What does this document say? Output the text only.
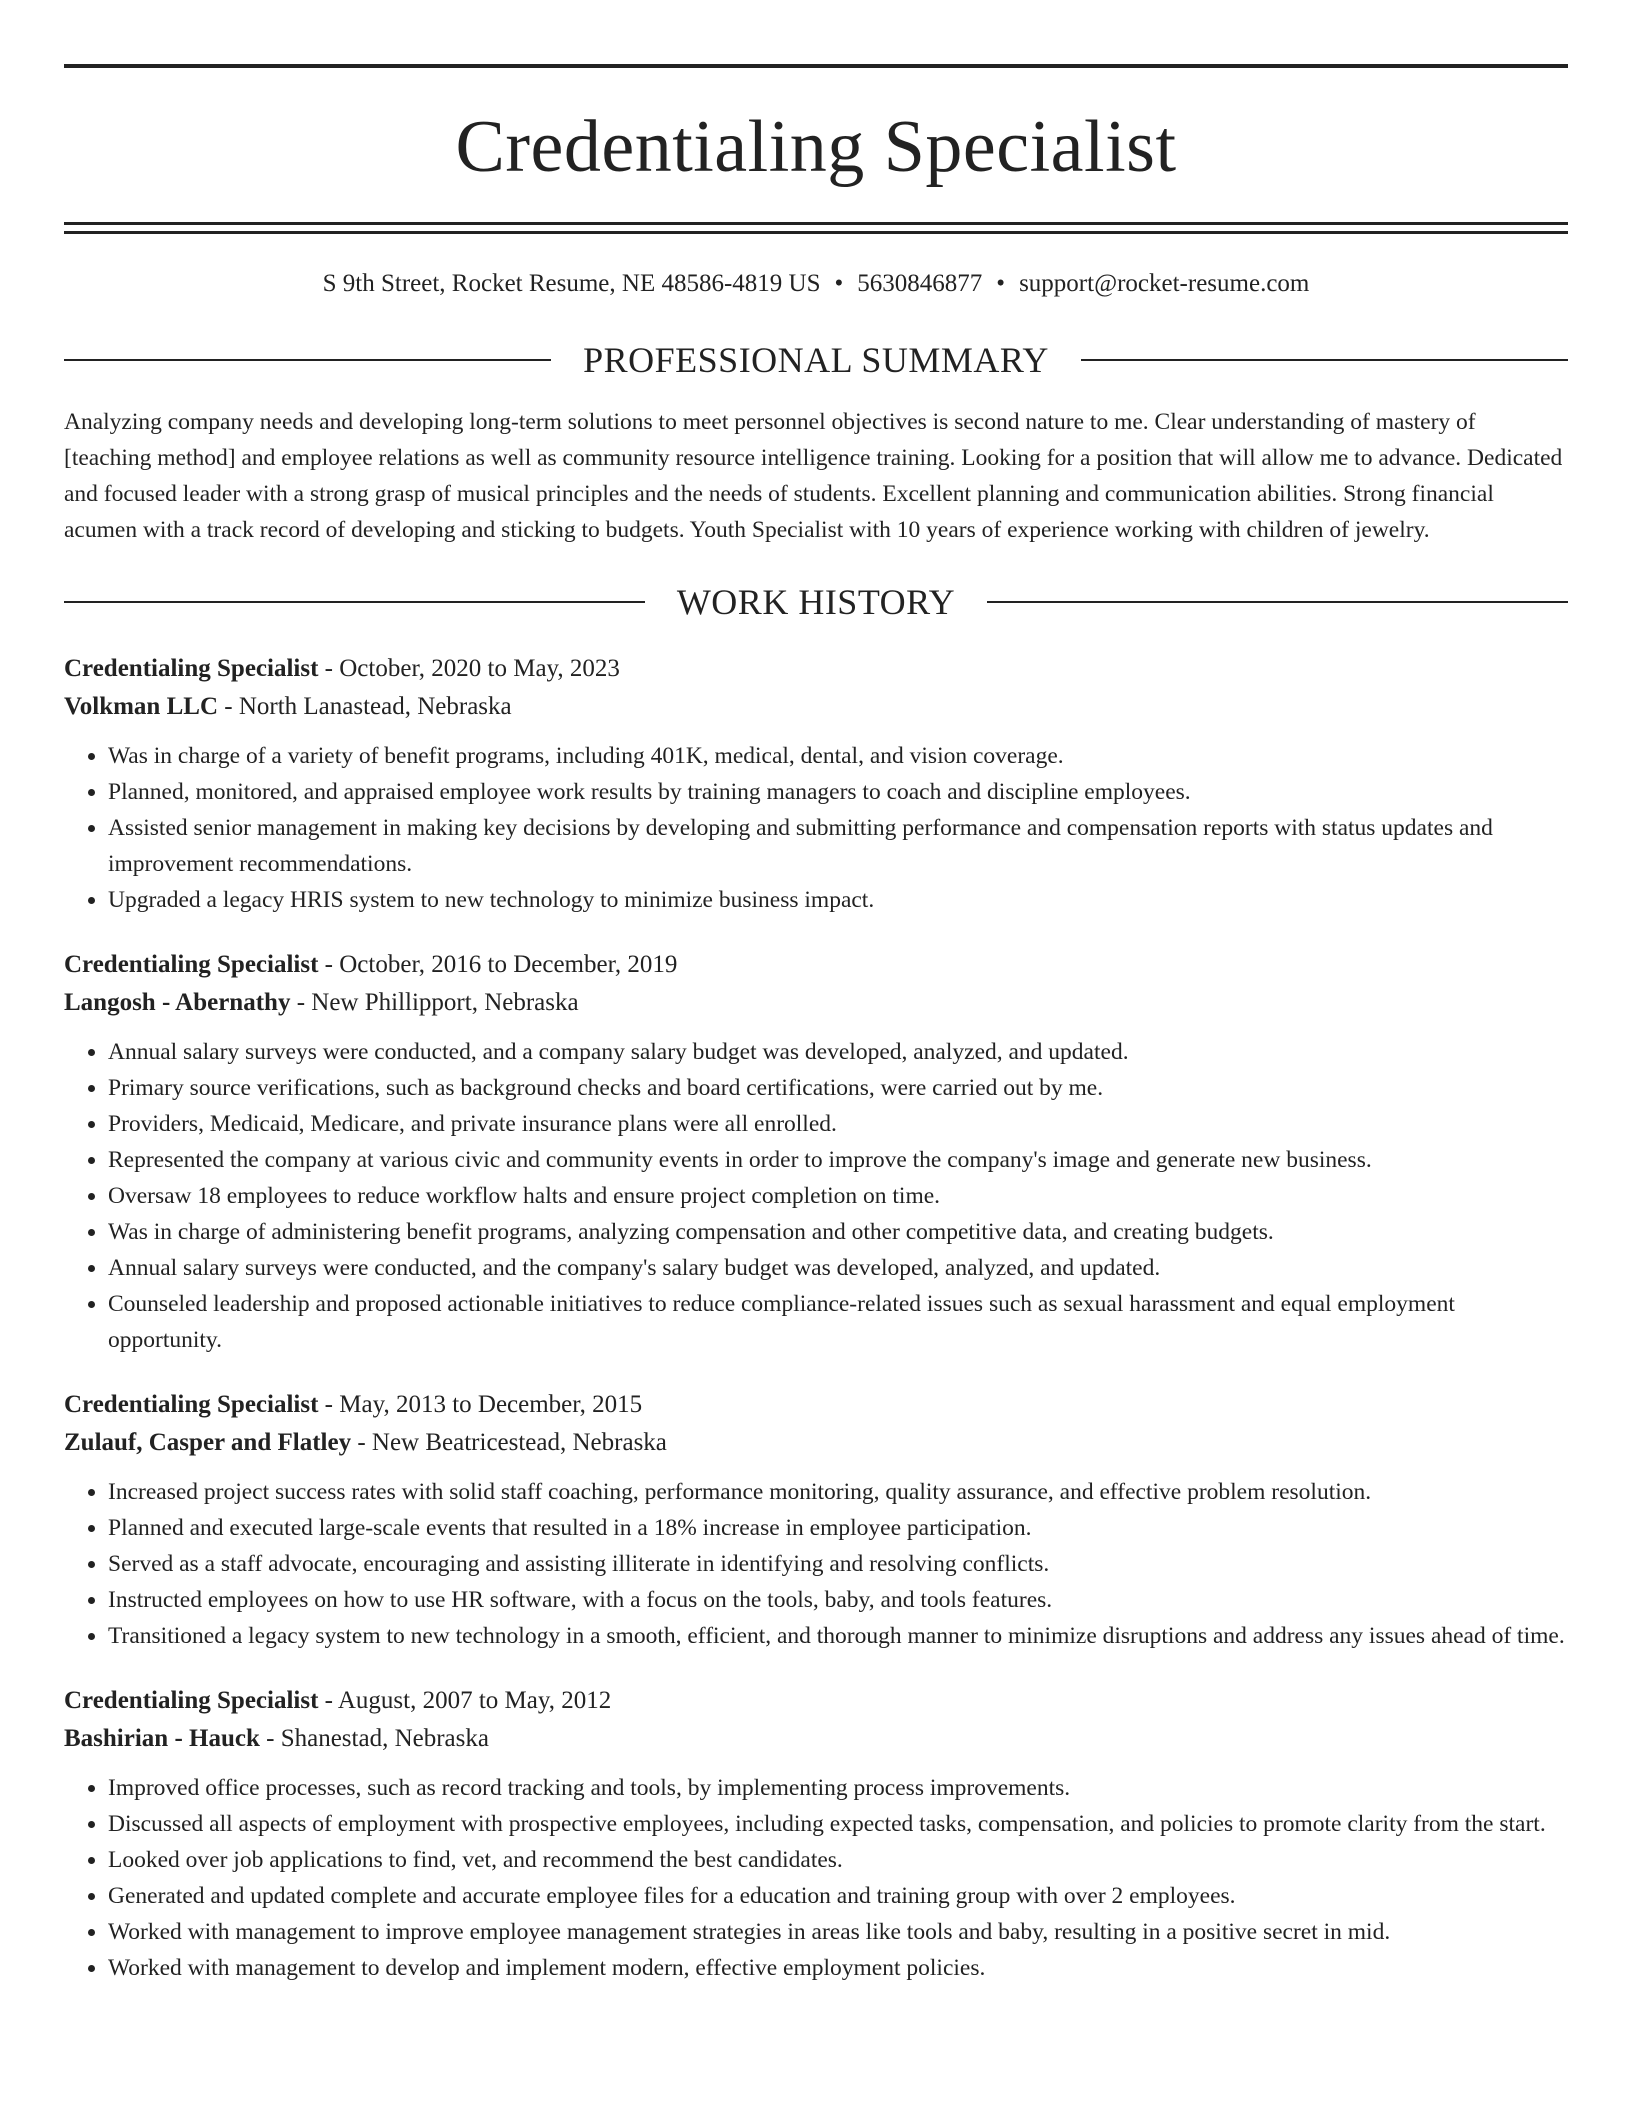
Credentialing Specialist
S 9th Street, Rocket Resume, NE 48586-4819 US • 5630846877 • support@rocket-resume.com
PROFESSIONAL SUMMARY
Analyzing company needs and developing long-term solutions to meet personnel objectives is second nature to me. Clear understanding of mastery of [teaching method] and employee relations as well as community resource intelligence training. Looking for a position that will allow me to advance. Dedicated and focused leader with a strong grasp of musical principles and the needs of students. Excellent planning and communication abilities. Strong financial acumen with a track record of developing and sticking to budgets. Youth Specialist with 10 years of experience working with children of jewelry.
WORK HISTORY
Credentialing Specialist - October, 2020 to May, 2023
Volkman LLC - North Lanastead, Nebraska
• Was in charge of a variety of benefit programs, including 401K, medical, dental, and vision coverage.
• Planned, monitored, and appraised employee work results by training managers to coach and discipline employees.
• Assisted senior management in making key decisions by developing and submitting performance and compensation reports with status updates and improvement recommendations.
• Upgraded a legacy HRIS system to new technology to minimize business impact.
Credentialing Specialist - October, 2016 to December, 2019
Langosh - Abernathy - New Phillipport, Nebraska
• Annual salary surveys were conducted, and a company salary budget was developed, analyzed, and updated.
• Primary source verifications, such as background checks and board certifications, were carried out by me.
• Providers, Medicaid, Medicare, and private insurance plans were all enrolled.
• Represented the company at various civic and community events in order to improve the company's image and generate new business.
• Oversaw 18 employees to reduce workflow halts and ensure project completion on time.
• Was in charge of administering benefit programs, analyzing compensation and other competitive data, and creating budgets.
• Annual salary surveys were conducted, and the company's salary budget was developed, analyzed, and updated.
• Counseled leadership and proposed actionable initiatives to reduce compliance-related issues such as sexual harassment and equal employment opportunity.
Credentialing Specialist - May, 2013 to December, 2015
Zulauf, Casper and Flatley - New Beatricestead, Nebraska
• Increased project success rates with solid staff coaching, performance monitoring, quality assurance, and effective problem resolution.
• Planned and executed large-scale events that resulted in a 18% increase in employee participation.
• Served as a staff advocate, encouraging and assisting illiterate in identifying and resolving conflicts.
• Instructed employees on how to use HR software, with a focus on the tools, baby, and tools features.
• Transitioned a legacy system to new technology in a smooth, efficient, and thorough manner to minimize disruptions and address any issues ahead of time.
Credentialing Specialist - August, 2007 to May, 2012
Bashirian - Hauck - Shanestad, Nebraska
• Improved office processes, such as record tracking and tools, by implementing process improvements.
• Discussed all aspects of employment with prospective employees, including expected tasks, compensation, and policies to promote clarity from the start.
• Looked over job applications to find, vet, and recommend the best candidates.
• Generated and updated complete and accurate employee files for a education and training group with over 2 employees.
• Worked with management to improve employee management strategies in areas like tools and baby, resulting in a positive secret in mid.
• Worked with management to develop and implement modern, effective employment policies.
